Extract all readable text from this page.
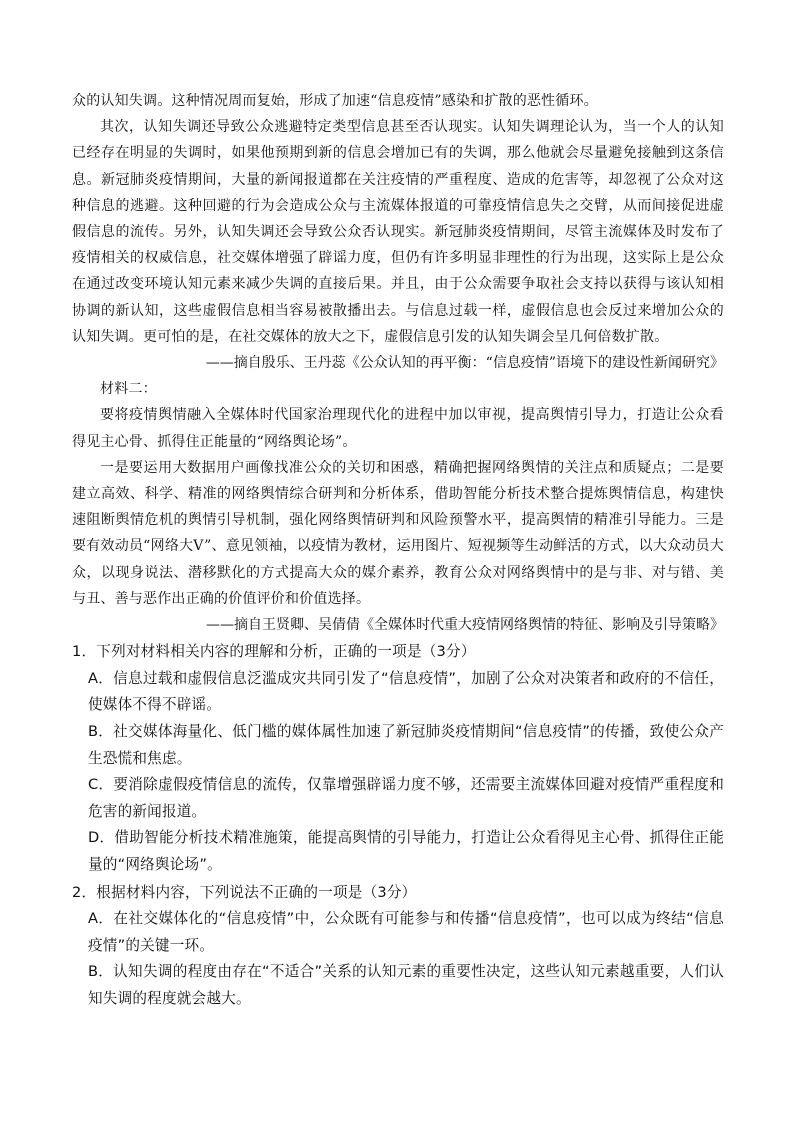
众的认知失调。这种情况周而复始，形成了加速“信息疫情”感染和扩散的恶性循环。

其次，认知失调还导致公众逃避特定类型信息甚至否认现实。认知失调理论认为，当一个人的认知已经存在明显的失调时，如果他预期到新的信息会增加已有的失调，那么他就会尽量避免接触到这条信息。新冠肺炎疫情期间，大量的新闻报道都在关注疫情的严重程度、造成的危害等，却忽视了公众对这种信息的逃避。这种回避的行为会造成公众与主流媒体报道的可靠疫情信息失之交臂，从而间接促进虚假信息的流传。另外，认知失调还会导致公众否认现实。新冠肺炎疫情期间，尽管主流媒体及时发布了疫情相关的权威信息，社交媒体增强了辟谣力度，但仍有许多明显非理性的行为出现，这实际上是公众在通过改变环境认知元素来减少失调的直接后果。并且，由于公众需要争取社会支持以获得与该认知相协调的新认知，这些虚假信息相当容易被散播出去。与信息过载一样，虚假信息也会反过来增加公众的认知失调。更可怕的是，在社交媒体的放大之下，虚假信息引发的认知失调会呈几何倍数扩散。

——摘自殷乐、王丹蕊《公众认知的再平衡：“信息疫情”语境下的建设性新闻研究》

材料二：

要将疫情舆情融入全媒体时代国家治理现代化的进程中加以审视，提高舆情引导力，打造让公众看得见主心骨、抓得住正能量的“网络舆论场”。

一是要运用大数据用户画像找准公众的关切和困惑，精确把握网络舆情的关注点和质疑点；二是要建立高效、科学、精准的网络舆情综合研判和分析体系，借助智能分析技术整合提炼舆情信息，构建快速阻断舆情危机的舆情引导机制，强化网络舆情研判和风险预警水平，提高舆情的精准引导能力。三是要有效动员“网络大V”、意见领袖，以疫情为教材，运用图片、短视频等生动鲜活的方式，以大众动员大众，以现身说法、潜移默化的方式提高大众的媒介素养，教育公众对网络舆情中的是与非、对与错、美与丑、善与恶作出正确的价值评价和价值选择。

——摘自王贤卿、吴倩倩《全媒体时代重大疫情网络舆情的特征、影响及引导策略》

1．下列对材料相关内容的理解和分析，正确的一项是（3分）

A．信息过载和虚假信息泛滥成灾共同引发了“信息疫情”，加剧了公众对决策者和政府的不信任，使媒体不得不辟谣。

B．社交媒体海量化、低门槛的媒体属性加速了新冠肺炎疫情期间“信息疫情”的传播，致使公众产生恐慌和焦虑。

C．要消除虚假疫情信息的流传，仅靠增强辟谣力度不够，还需要主流媒体回避对疫情严重程度和危害的新闻报道。

D．借助智能分析技术精准施策，能提高舆情的引导能力，打造让公众看得见主心骨、抓得住正能量的“网络舆论场”。

2．根据材料内容，下列说法不正确的一项是（3分）

A．在社交媒体化的“信息疫情”中，公众既有可能参与和传播“信息疫情”，也可以成为终结“信息疫情”的关键一环。

B．认知失调的程度由存在“不适合”关系的认知元素的重要性决定，这些认知元素越重要，人们认知失调的程度就会越大。
